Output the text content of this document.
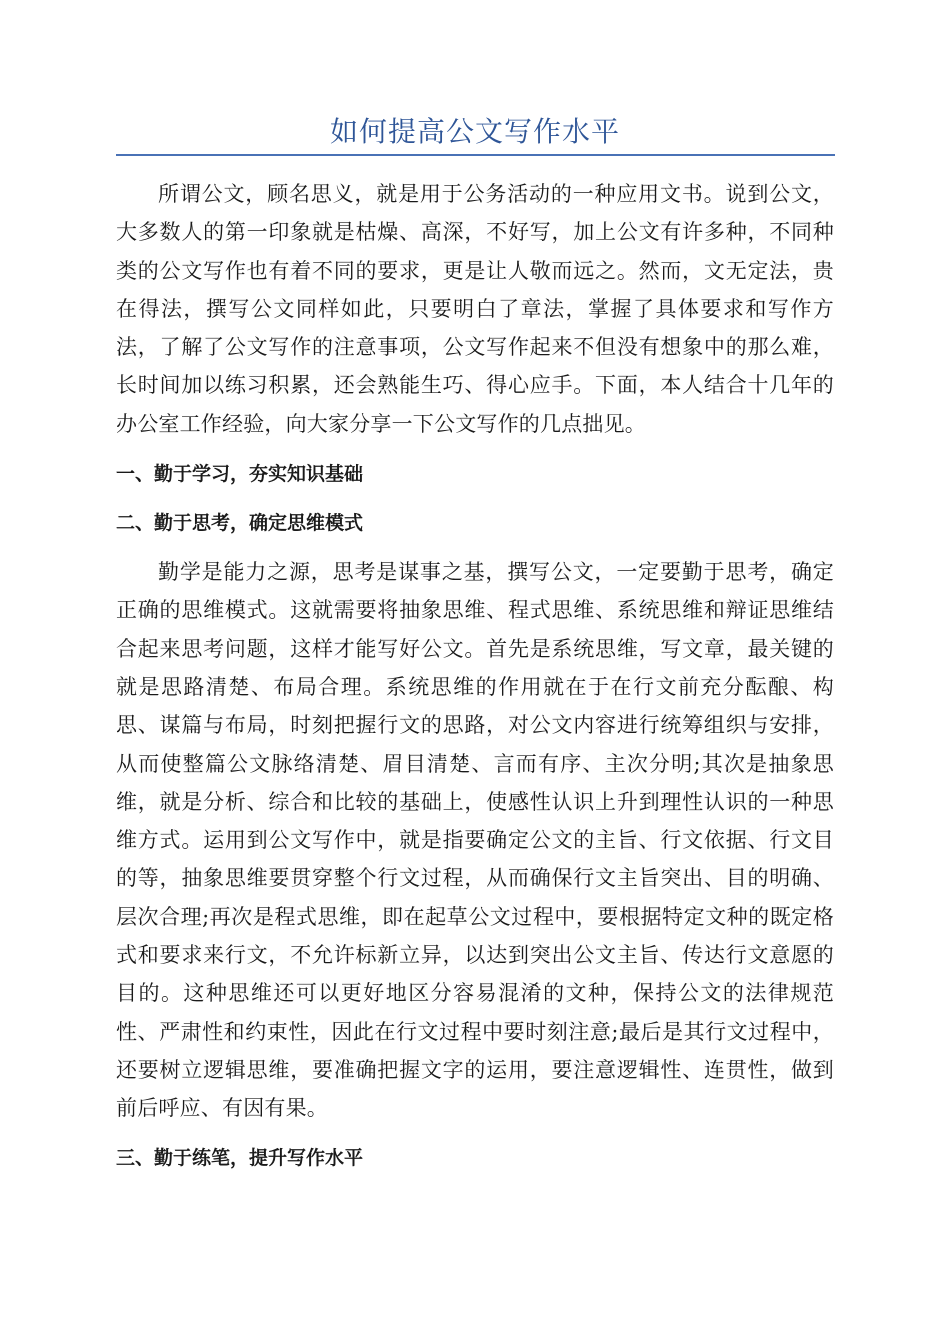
如何提高公文写作水平

所谓公文，顾名思义，就是用于公务活动的一种应用文书。说到公文，大多数人的第一印象就是枯燥、高深，不好写，加上公文有许多种，不同种类的公文写作也有着不同的要求，更是让人敬而远之。然而，文无定法，贵在得法，撰写公文同样如此，只要明白了章法，掌握了具体要求和写作方法，了解了公文写作的注意事项，公文写作起来不但没有想象中的那么难，长时间加以练习积累，还会熟能生巧、得心应手。下面，本人结合十几年的办公室工作经验，向大家分享一下公文写作的几点拙见。

一、勤于学习，夯实知识基础

二、勤于思考，确定思维模式

勤学是能力之源，思考是谋事之基，撰写公文，一定要勤于思考，确定正确的思维模式。这就需要将抽象思维、程式思维、系统思维和辩证思维结合起来思考问题，这样才能写好公文。首先是系统思维，写文章，最关键的就是思路清楚、布局合理。系统思维的作用就在于在行文前充分酝酿、构思、谋篇与布局，时刻把握行文的思路，对公文内容进行统筹组织与安排，从而使整篇公文脉络清楚、眉目清楚、言而有序、主次分明;其次是抽象思维，就是分析、综合和比较的基础上，使感性认识上升到理性认识的一种思维方式。运用到公文写作中，就是指要确定公文的主旨、行文依据、行文目的等，抽象思维要贯穿整个行文过程，从而确保行文主旨突出、目的明确、层次合理;再次是程式思维，即在起草公文过程中，要根据特定文种的既定格式和要求来行文，不允许标新立异，以达到突出公文主旨、传达行文意愿的目的。这种思维还可以更好地区分容易混淆的文种，保持公文的法律规范性、严肃性和约束性，因此在行文过程中要时刻注意;最后是其行文过程中，还要树立逻辑思维，要准确把握文字的运用，要注意逻辑性、连贯性，做到前后呼应、有因有果。

三、勤于练笔，提升写作水平
